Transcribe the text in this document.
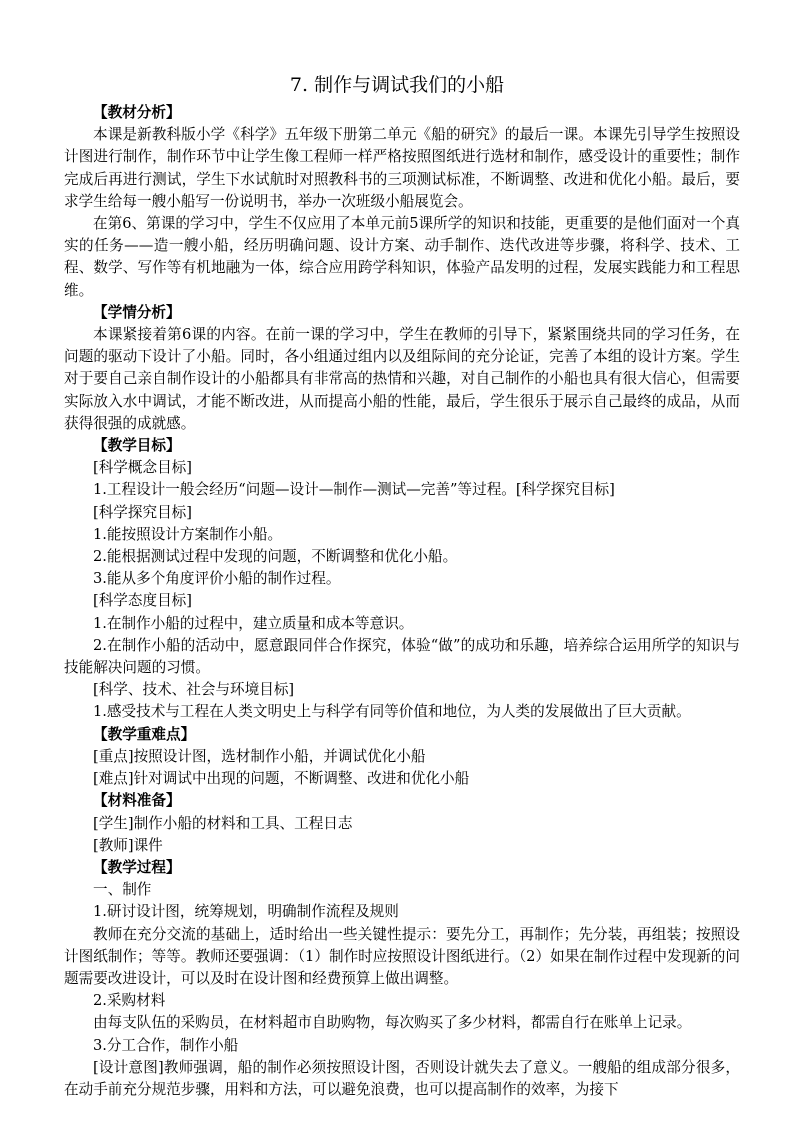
7. 制作与调试我们的小船

【教材分析】

本课是新教科版小学《科学》五年级下册第二单元《船的研究》的最后一课。本课先引导学生按照设计图进行制作，制作环节中让学生像工程师一样严格按照图纸进行选材和制作，感受设计的重要性；制作完成后再进行测试，学生下水试航时对照教科书的三项测试标准，不断调整、改进和优化小船。最后，要求学生给每一艘小船写一份说明书，举办一次班级小船展览会。

在第6、第课的学习中，学生不仅应用了本单元前5课所学的知识和技能，更重要的是他们面对一个真实的任务——造一艘小船，经历明确问题、设计方案、动手制作、迭代改进等步骤，将科学、技术、工程、数学、写作等有机地融为一体，综合应用跨学科知识，体验产品发明的过程，发展实践能力和工程思维。

【学情分析】

本课紧接着第6课的内容。在前一课的学习中，学生在教师的引导下，紧紧围绕共同的学习任务，在问题的驱动下设计了小船。同时，各小组通过组内以及组际间的充分论证，完善了本组的设计方案。学生对于要自己亲自制作设计的小船都具有非常高的热情和兴趣，对自己制作的小船也具有很大信心，但需要实际放入水中调试，才能不断改进，从而提高小船的性能，最后，学生很乐于展示自己最终的成品，从而获得很强的成就感。

【教学目标】

[科学概念目标]

1.工程设计一般会经历“问题—设计—制作—测试—完善”等过程。[科学探究目标]

[科学探究目标]

1.能按照设计方案制作小船。

2.能根据测试过程中发现的问题，不断调整和优化小船。

3.能从多个角度评价小船的制作过程。

[科学态度目标]

1.在制作小船的过程中，建立质量和成本等意识。

2.在制作小船的活动中，愿意跟同伴合作探究，体验“做”的成功和乐趣，培养综合运用所学的知识与技能解决问题的习惯。

[科学、技术、社会与环境目标]

1.感受技术与工程在人类文明史上与科学有同等价值和地位，为人类的发展做出了巨大贡献。

【教学重难点】

[重点]按照设计图，选材制作小船，并调试优化小船

[难点]针对调试中出现的问题，不断调整、改进和优化小船

【材料准备】

[学生]制作小船的材料和工具、工程日志

[教师]课件

【教学过程】

一、制作

1.研讨设计图，统筹规划，明确制作流程及规则

教师在充分交流的基础上，适时给出一些关键性提示：要先分工，再制作；先分装，再组装；按照设计图纸制作；等等。教师还要强调：（1）制作时应按照设计图纸进行。（2）如果在制作过程中发现新的问题需要改进设计，可以及时在设计图和经费预算上做出调整。

2.采购材料

由每支队伍的采购员，在材料超市自助购物，每次购买了多少材料，都需自行在账单上记录。

3.分工合作，制作小船

[设计意图]教师强调，船的制作必须按照设计图，否则设计就失去了意义。一艘船的组成部分很多，在动手前充分规范步骤，用料和方法，可以避免浪费，也可以提高制作的效率，为接下
